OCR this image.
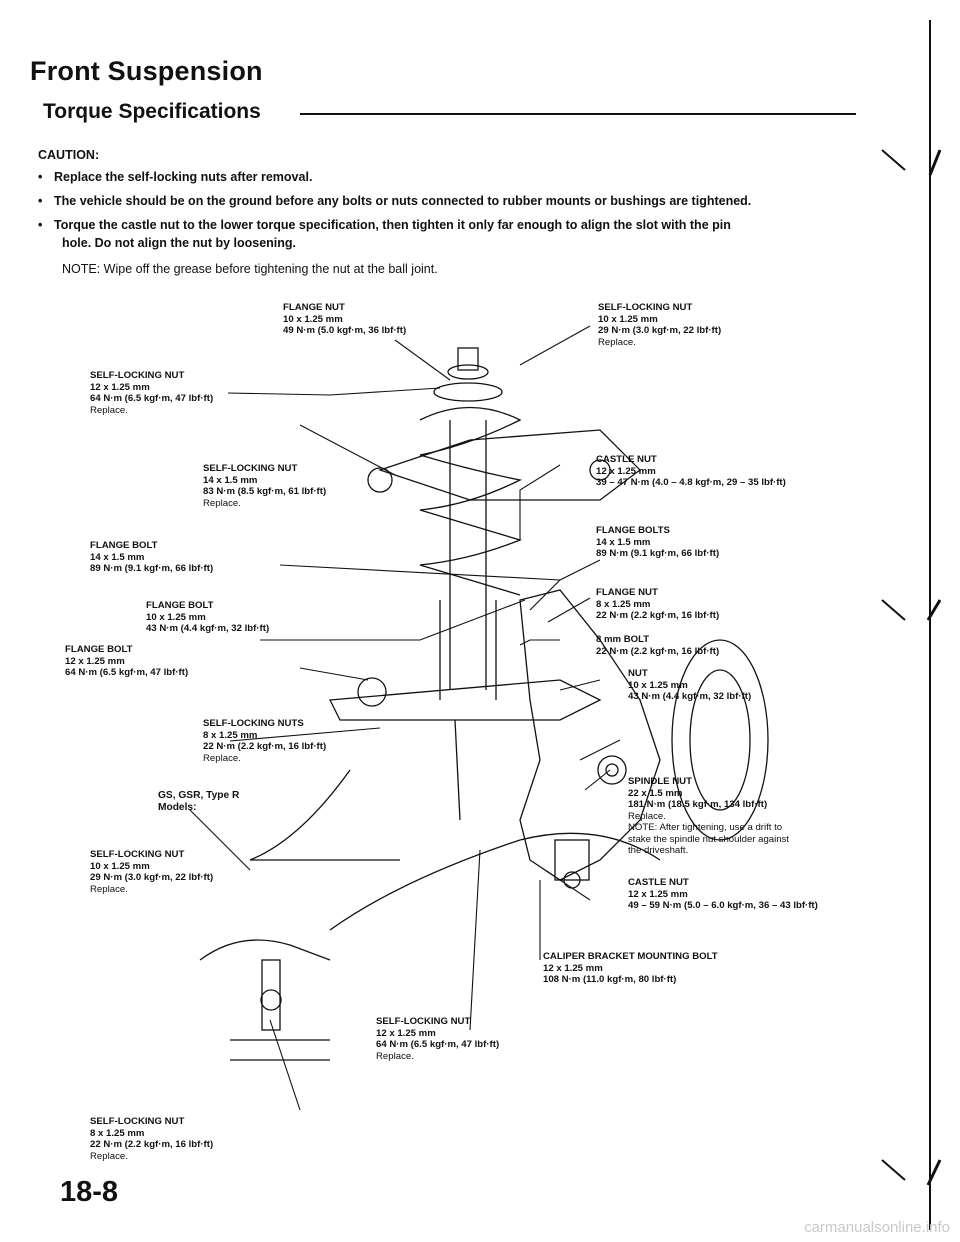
Front Suspension
Torque Specifications
CAUTION:
• Replace the self-locking nuts after removal.
• The vehicle should be on the ground before any bolts or nuts connected to rubber mounts or bushings are tightened.
• Torque the castle nut to the lower torque specification, then tighten it only far enough to align the slot with the pin
hole. Do not align the nut by loosening.
NOTE: Wipe off the grease before tightening the nut at the ball joint.
FLANGE NUT
10 x 1.25 mm
49 N·m (5.0 kgf·m, 36 lbf·ft)
SELF-LOCKING NUT
10 x 1.25 mm
29 N·m (3.0 kgf·m, 22 lbf·ft)
Replace.
SELF-LOCKING NUT
12 x 1.25 mm
64 N·m (6.5 kgf·m, 47 lbf·ft)
Replace.
SELF-LOCKING NUT
14 x 1.5 mm
83 N·m (8.5 kgf·m, 61 lbf·ft)
Replace.
CASTLE NUT
12 x 1.25 mm
39 – 47 N·m (4.0 – 4.8 kgf·m, 29 – 35 lbf·ft)
FLANGE BOLT
14 x 1.5 mm
89 N·m (9.1 kgf·m, 66 lbf·ft)
FLANGE BOLTS
14 x 1.5 mm
89 N·m (9.1 kgf·m, 66 lbf·ft)
FLANGE BOLT
10 x 1.25 mm
43 N·m (4.4 kgf·m, 32 lbf·ft)
FLANGE NUT
8 x 1.25 mm
22 N·m (2.2 kgf·m, 16 lbf·ft)
FLANGE BOLT
12 x 1.25 mm
64 N·m (6.5 kgf·m, 47 lbf·ft)
8 mm BOLT
22 N·m (2.2 kgf·m, 16 lbf·ft)
NUT
10 x 1.25 mm
43 N·m (4.4 kgf·m, 32 lbf·ft)
SELF-LOCKING NUTS
8 x 1.25 mm
22 N·m (2.2 kgf·m, 16 lbf·ft)
Replace.
GS, GSR, Type R
Models:
SPINDLE NUT
22 x 1.5 mm
181 N·m (18.5 kgf·m, 134 lbf·ft)
Replace.
NOTE: After tightening, use a drift to
stake the spindle nut shoulder against
the driveshaft.
SELF-LOCKING NUT
10 x 1.25 mm
29 N·m (3.0 kgf·m, 22 lbf·ft)
Replace.
CASTLE NUT
12 x 1.25 mm
49 – 59 N·m (5.0 – 6.0 kgf·m, 36 – 43 lbf·ft)
CALIPER BRACKET MOUNTING BOLT
12 x 1.25 mm
108 N·m (11.0 kgf·m, 80 lbf·ft)
SELF-LOCKING NUT
12 x 1.25 mm
64 N·m (6.5 kgf·m, 47 lbf·ft)
Replace.
SELF-LOCKING NUT
8 x 1.25 mm
22 N·m (2.2 kgf·m, 16 lbf·ft)
Replace.
18-8
carmanualsonline.info
